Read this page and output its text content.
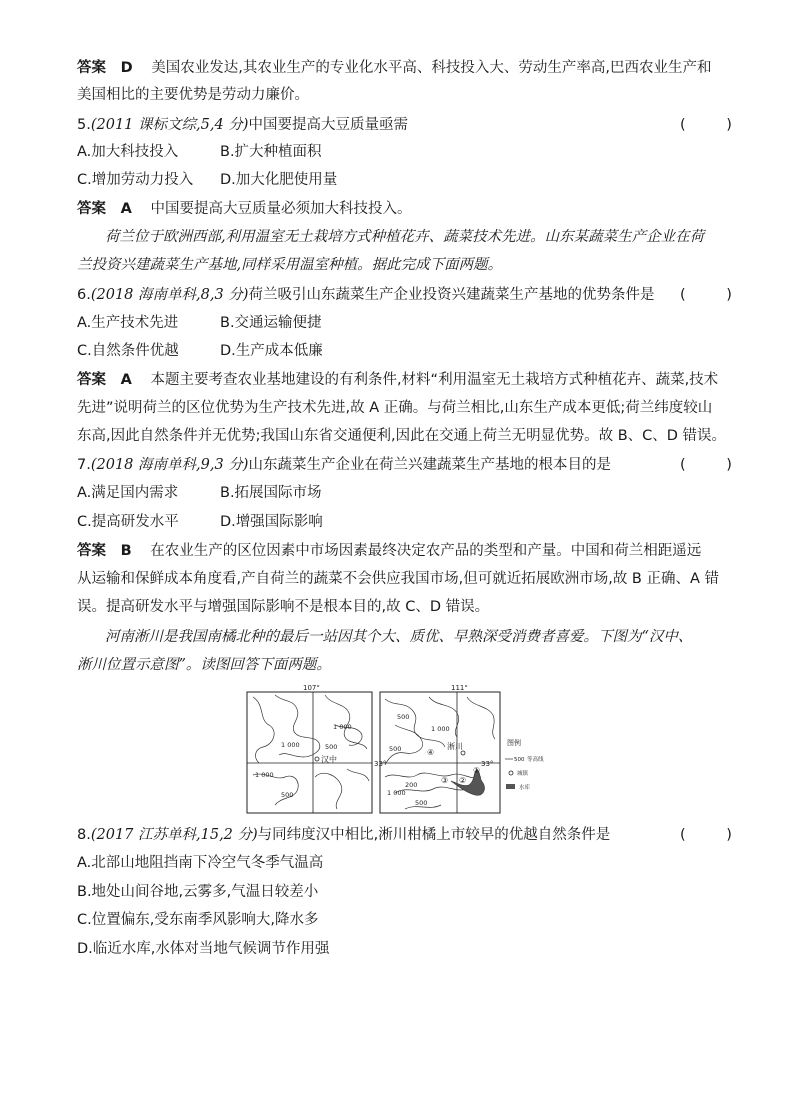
答案 D 美国农业发达,其农业生产的专业化水平高、科技投入大、劳动生产率高,巴西农业生产和
美国相比的主要优势是劳动力廉价。
5.(2011 课标文综,5,4 分)中国要提高大豆质量亟需	( )
A.加大科技投入	B.扩大种植面积
C.增加劳动力投入 D.加大化肥使用量
答案 A 中国要提高大豆质量必须加大科技投入。
荷兰位于欧洲西部,利用温室无土栽培方式种植花卉、蔬菜技术先进。山东某蔬菜生产企业在荷
兰投资兴建蔬菜生产基地,同样采用温室种植。据此完成下面两题。
6.(2018 海南单科,8,3 分)荷兰吸引山东蔬菜生产企业投资兴建蔬菜生产基地的优势条件是 ( )
A.生产技术先进	B.交通运输便捷
C.自然条件优越	D.生产成本低廉
答案 A 本题主要考查农业基地建设的有利条件,材料“利用温室无土栽培方式种植花卉、蔬菜,技术
先进”说明荷兰的区位优势为生产技术先进,故 A 正确。与荷兰相比,山东生产成本更低;荷兰纬度较山
东高,因此自然条件并无优势;我国山东省交通便利,因此在交通上荷兰无明显优势。故 B、C、D 错误。
7.(2018 海南单科,9,3 分)山东蔬菜生产企业在荷兰兴建蔬菜生产基地的根本目的是	( )
A.满足国内需求	B.拓展国际市场
C.提高研发水平	D.增强国际影响
答案 B 在农业生产的区位因素中市场因素最终决定农产品的类型和产量。中国和荷兰相距遥远
从运输和保鲜成本角度看,产自荷兰的蔬菜不会供应我国市场,但可就近拓展欧洲市场,故 B 正确、A 错
误。提高研发水平与增强国际影响不是根本目的,故 C、D 错误。
河南淅川是我国南橘北种的最后一站因其个大、质优、早熟深受消费者喜爱。下图为“汉中、
淅川位置示意图”。读图回答下面两题。
107°
33°
1 000	500
1 000
1 000
500
汉中
111°
33°
1 000
500
500
200
500
1 000
淅川
④
③ ②
①
图例
500 等高线
城镇
水库
8.(2017 江苏单科,15,2 分)与同纬度汉中相比,淅川柑橘上市较早的优越自然条件是	( )
A.北部山地阻挡南下冷空气冬季气温高
B.地处山间谷地,云雾多,气温日较差小
C.位置偏东,受东南季风影响大,降水多
D.临近水库,水体对当地气候调节作用强
